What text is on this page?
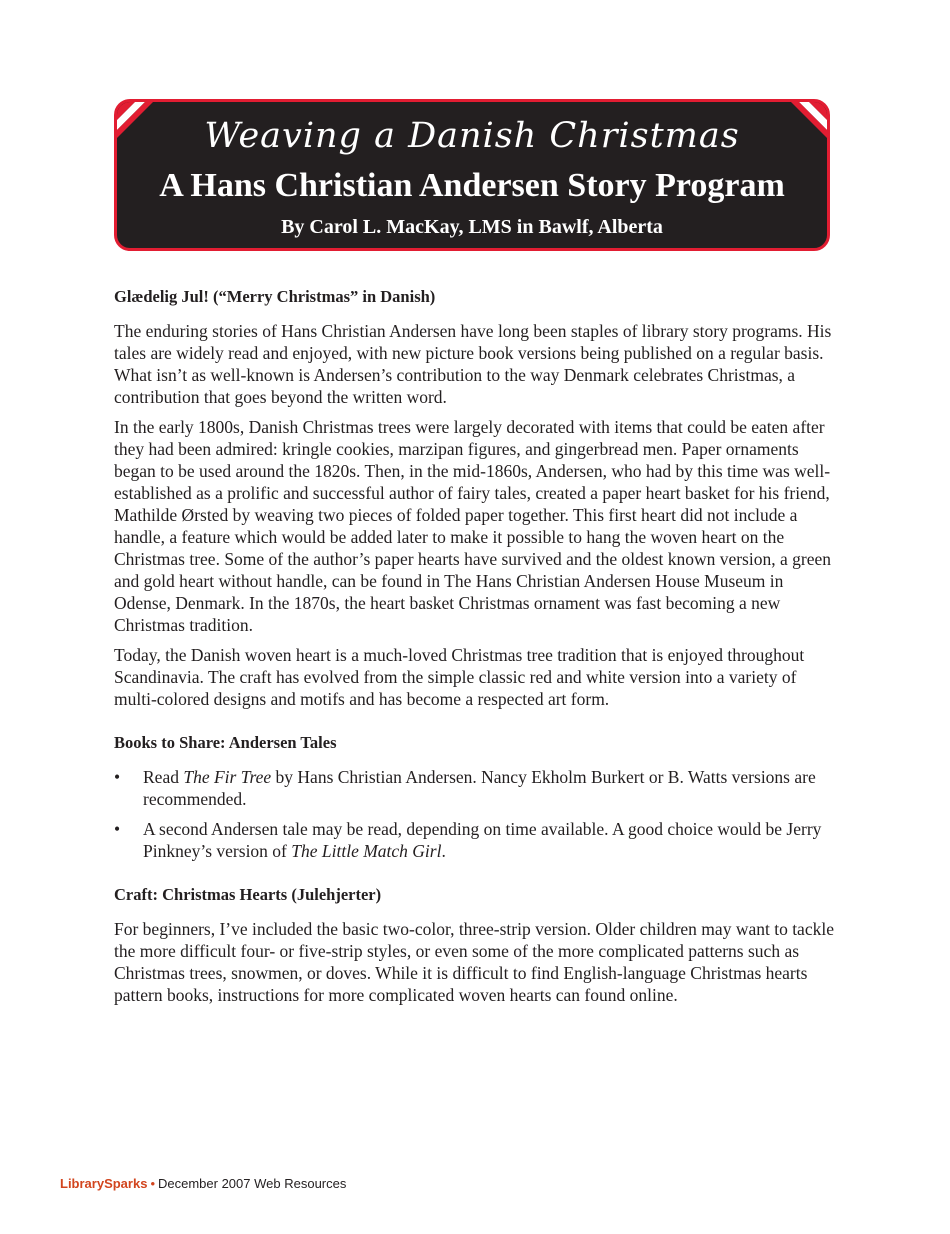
Weaving a Danish Christmas
A Hans Christian Andersen Story Program
By Carol L. MacKay, LMS in Bawlf, Alberta

Glædelig Jul! (“Merry Christmas” in Danish)

The enduring stories of Hans Christian Andersen have long been staples of library story programs. His tales are widely read and enjoyed, with new picture book versions being published on a regular basis. What isn’t as well-known is Andersen’s contribution to the way Denmark celebrates Christmas, a contribution that goes beyond the written word.

In the early 1800s, Danish Christmas trees were largely decorated with items that could be eaten after they had been admired: kringle cookies, marzipan figures, and gingerbread men. Paper ornaments began to be used around the 1820s. Then, in the mid-1860s, Andersen, who had by this time was well-established as a prolific and successful author of fairy tales, created a paper heart basket for his friend, Mathilde Ørsted by weaving two pieces of folded paper together. This first heart did not include a handle, a feature which would be added later to make it possible to hang the woven heart on the Christmas tree. Some of the author’s paper hearts have survived and the oldest known version, a green and gold heart without handle, can be found in The Hans Christian Andersen House Museum in Odense, Denmark. In the 1870s, the heart basket Christmas ornament was fast becoming a new Christmas tradition.

Today, the Danish woven heart is a much-loved Christmas tree tradition that is enjoyed throughout Scandinavia. The craft has evolved from the simple classic red and white version into a variety of multi-colored designs and motifs and has become a respected art form.

Books to Share: Andersen Tales

• Read The Fir Tree by Hans Christian Andersen. Nancy Ekholm Burkert or B. Watts versions are recommended.
• A second Andersen tale may be read, depending on time available. A good choice would be Jerry Pinkney’s version of The Little Match Girl.

Craft: Christmas Hearts (Julehjerter)

For beginners, I’ve included the basic two-color, three-strip version. Older children may want to tackle the more difficult four- or five-strip styles, or even some of the more complicated patterns such as Christmas trees, snowmen, or doves. While it is difficult to find English-language Christmas hearts pattern books, instructions for more complicated woven hearts can found online.

LibrarySparks • December 2007 Web Resources
